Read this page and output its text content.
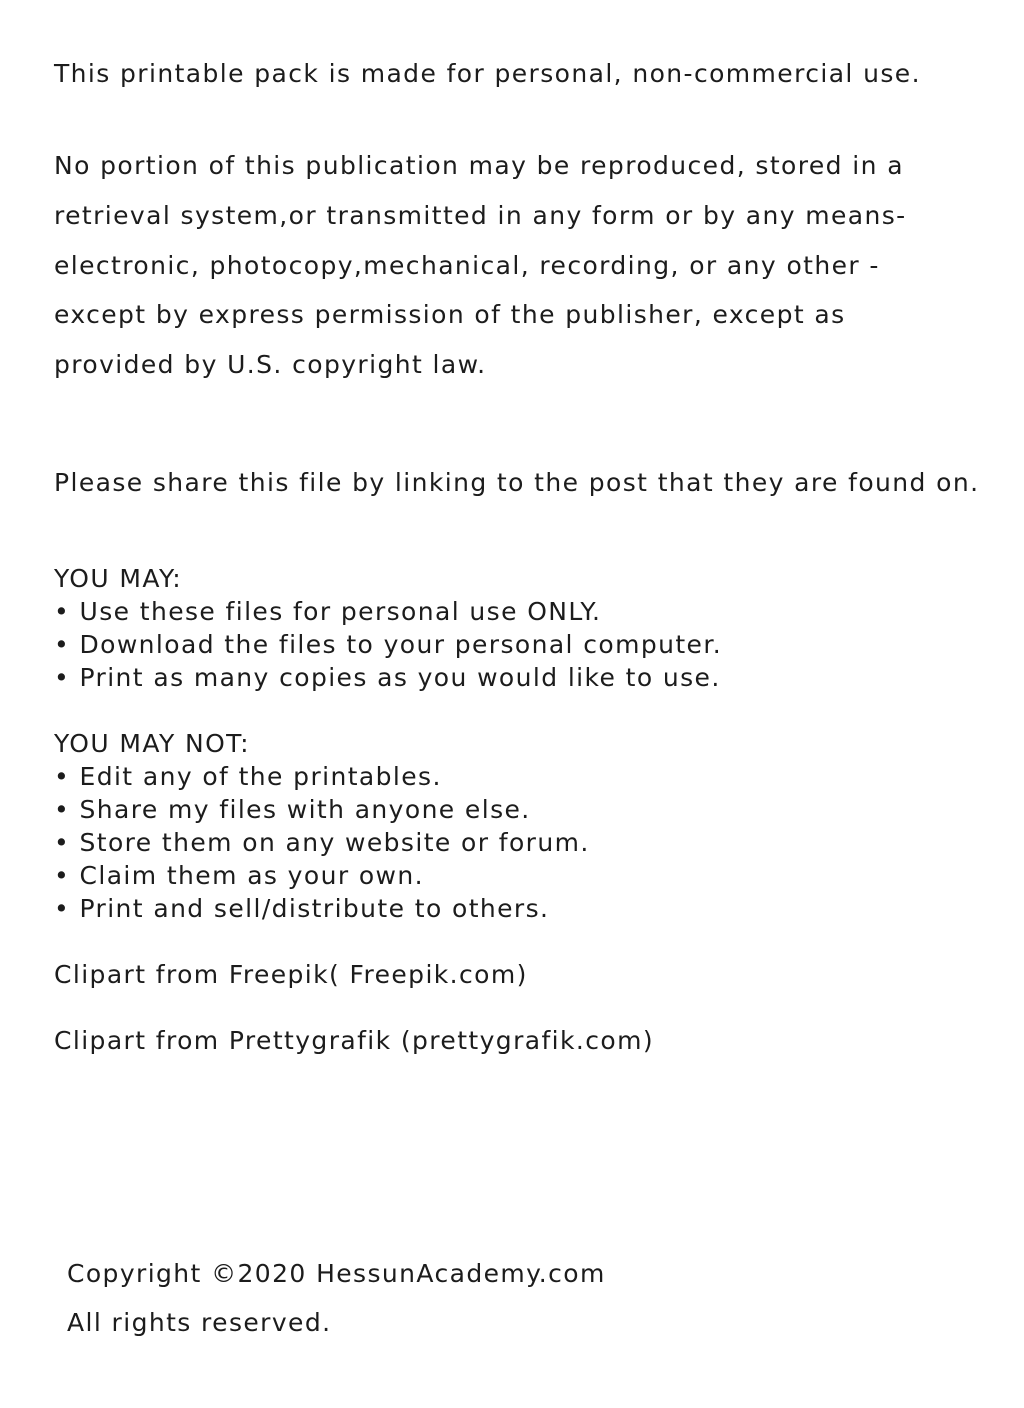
This printable pack is made for personal, non-commercial use.
No portion of this publication may be reproduced, stored in a
retrieval system,or transmitted in any form or by any means-
electronic, photocopy,mechanical, recording, or any other -
except by express permission of the publisher, except as
provided by U.S. copyright law.
Please share this file by linking to the post that they are found on.
YOU MAY:
• Use these files for personal use ONLY.
• Download the files to your personal computer.
• Print as many copies as you would like to use.
YOU MAY NOT:
• Edit any of the printables.
• Share my files with anyone else.
• Store them on any website or forum.
• Claim them as your own.
• Print and sell/distribute to others.
Clipart from Freepik( Freepik.com)
Clipart from Prettygrafik (prettygrafik.com)
Copyright ©2020 HessunAcademy.com
All rights reserved.
